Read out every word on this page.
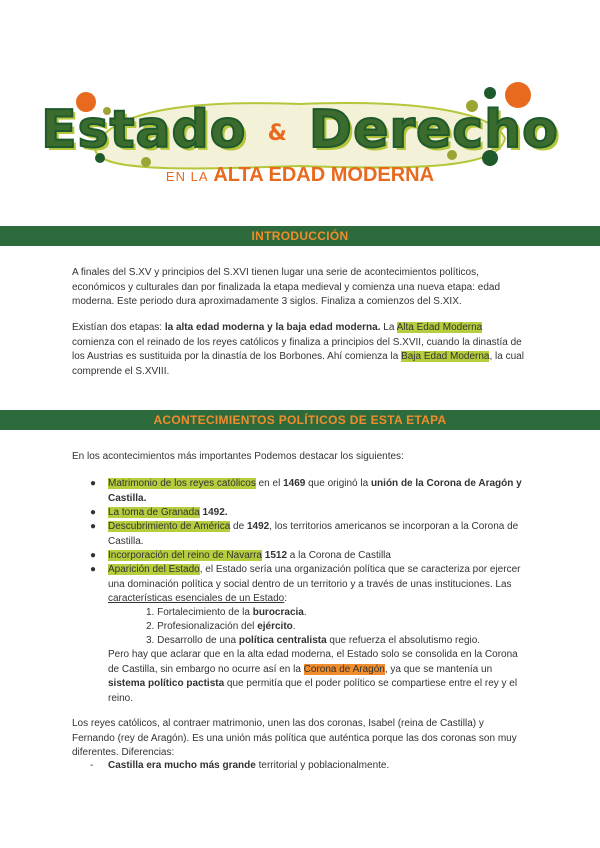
Estado & Derecho
EN LA ALTA EDAD MODERNA
INTRODUCCIÓN
A finales del S.XV y principios del S.XVI tienen lugar una serie de acontecimientos políticos, económicos y culturales dan por finalizada la etapa medieval y comienza una nueva etapa: edad moderna. Este periodo dura aproximadamente 3 siglos. Finaliza a comienzos del S.XIX.
Existían dos etapas: la alta edad moderna y la baja edad moderna. La Alta Edad Moderna comienza con el reinado de los reyes católicos y finaliza a principios del S.XVII, cuando la dinastía de los Austrias es sustituida por la dinastía de los Borbones. Ahí comienza la Baja Edad Moderna, la cual comprende el S.XVIII.
ACONTECIMIENTOS POLÍTICOS DE ESTA ETAPA
En los acontecimientos más importantes Podemos destacar los siguientes:
● Matrimonio de los reyes católicos en el 1469 que originó la unión de la Corona de Aragón y Castilla.
● La toma de Granada 1492.
● Descubrimiento de América de 1492, los territorios americanos se incorporan a la Corona de Castilla.
● Incorporación del reino de Navarra 1512 a la Corona de Castilla
● Aparición del Estado, el Estado sería una organización política que se caracteriza por ejercer una dominación política y social dentro de un territorio y a través de unas instituciones. Las características esenciales de un Estado:
1. Fortalecimiento de la burocracia.
2. Profesionalización del ejército.
3. Desarrollo de una política centralista que refuerza el absolutismo regio.
Pero hay que aclarar que en la alta edad moderna, el Estado solo se consolida en la Corona de Castilla, sin embargo no ocurre así en la Corona de Aragón, ya que se mantenía un sistema político pactista que permitía que el poder político se compartiese entre el rey y el reino.
Los reyes católicos, al contraer matrimonio, unen las dos coronas, Isabel (reina de Castilla) y Fernando (rey de Aragón). Es una unión más política que auténtica porque las dos coronas son muy diferentes. Diferencias:
- Castilla era mucho más grande territorial y poblacionalmente.
